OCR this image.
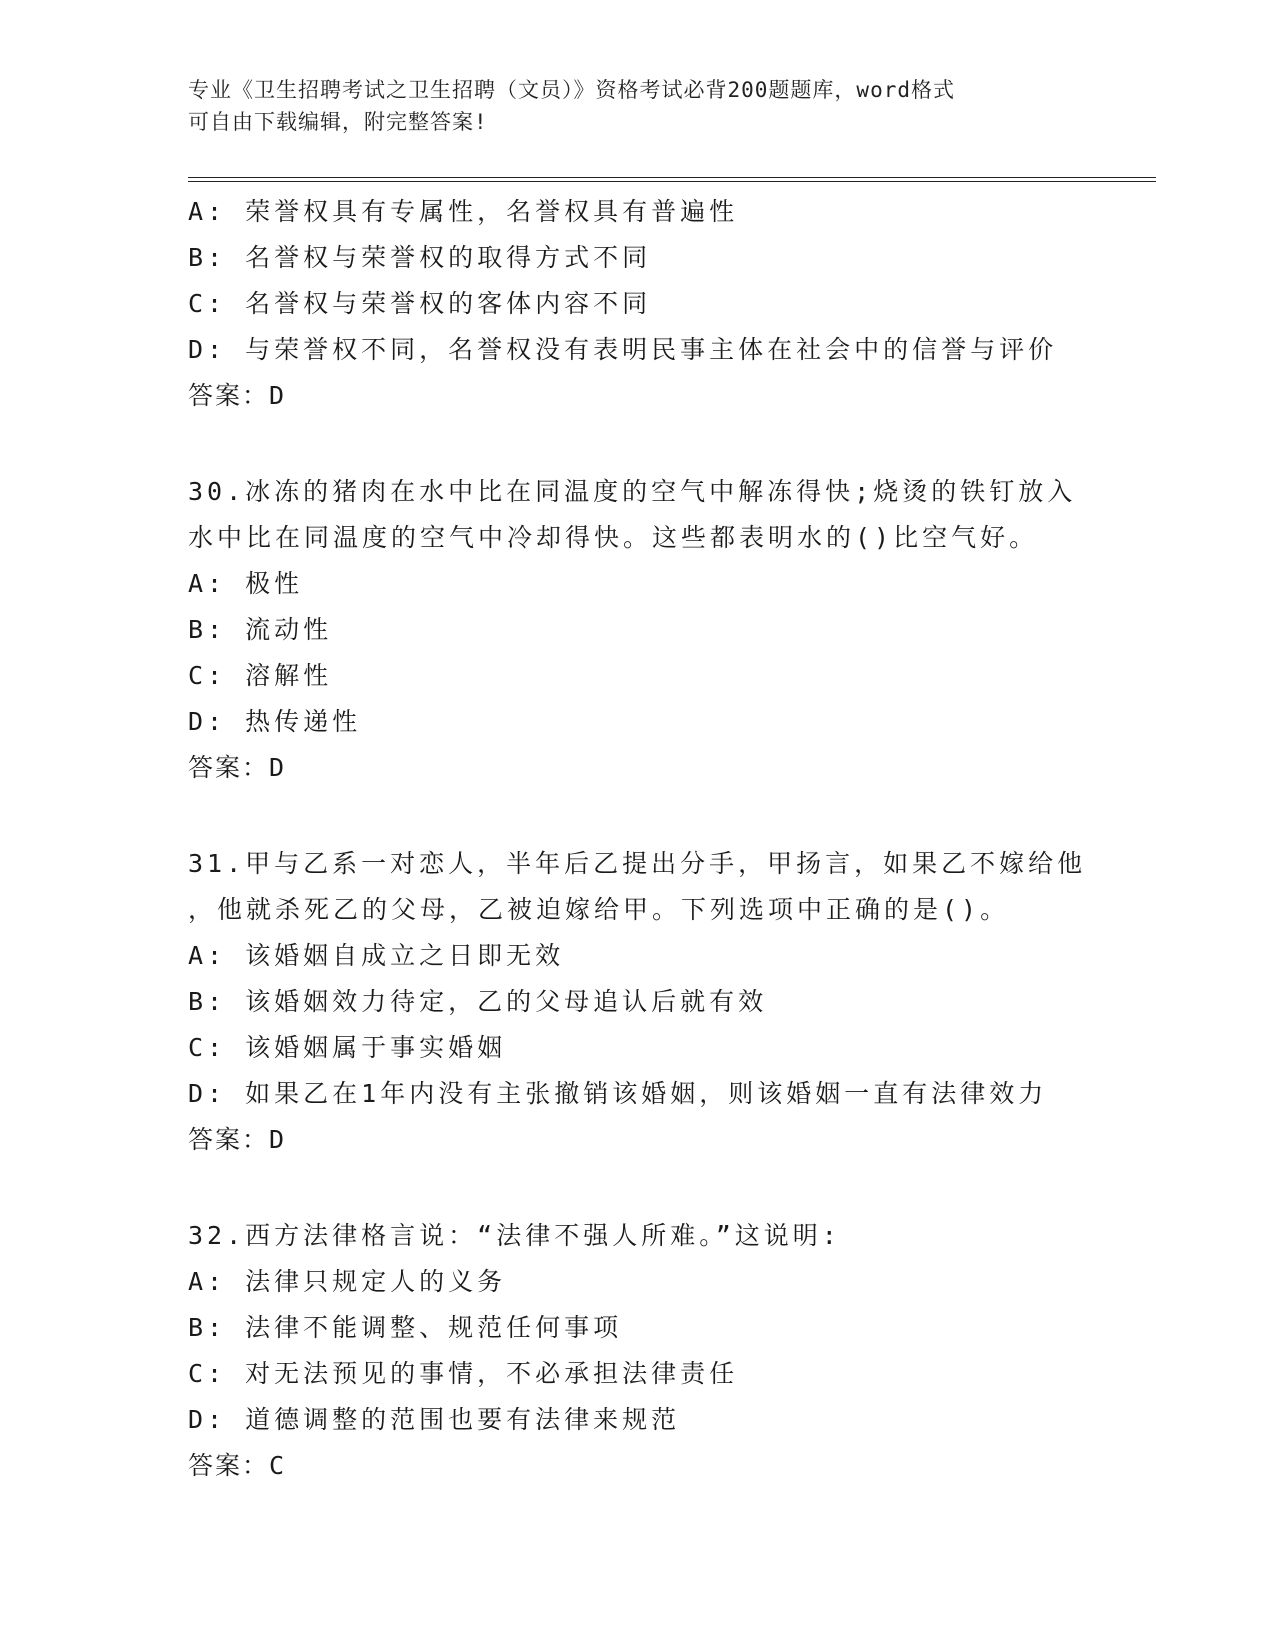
专业《卫生招聘考试之卫生招聘（文员）》资格考试必背200题题库，word格式
可自由下载编辑，附完整答案!
A: 荣誉权具有专属性，名誉权具有普遍性
B: 名誉权与荣誉权的取得方式不同
C: 名誉权与荣誉权的客体内容不同
D: 与荣誉权不同，名誉权没有表明民事主体在社会中的信誉与评价
答案：D
30.冰冻的猪肉在水中比在同温度的空气中解冻得快;烧烫的铁钉放入
水中比在同温度的空气中冷却得快。这些都表明水的()比空气好。
A: 极性
B: 流动性
C: 溶解性
D: 热传递性
答案：D
31.甲与乙系一对恋人，半年后乙提出分手，甲扬言，如果乙不嫁给他
，他就杀死乙的父母，乙被迫嫁给甲。下列选项中正确的是()。
A: 该婚姻自成立之日即无效
B: 该婚姻效力待定，乙的父母追认后就有效
C: 该婚姻属于事实婚姻
D: 如果乙在1年内没有主张撤销该婚姻，则该婚姻一直有法律效力
答案：D
32.西方法律格言说：“法律不强人所难。”这说明:
A: 法律只规定人的义务
B: 法律不能调整、规范任何事项
C: 对无法预见的事情，不必承担法律责任
D: 道德调整的范围也要有法律来规范
答案：C
